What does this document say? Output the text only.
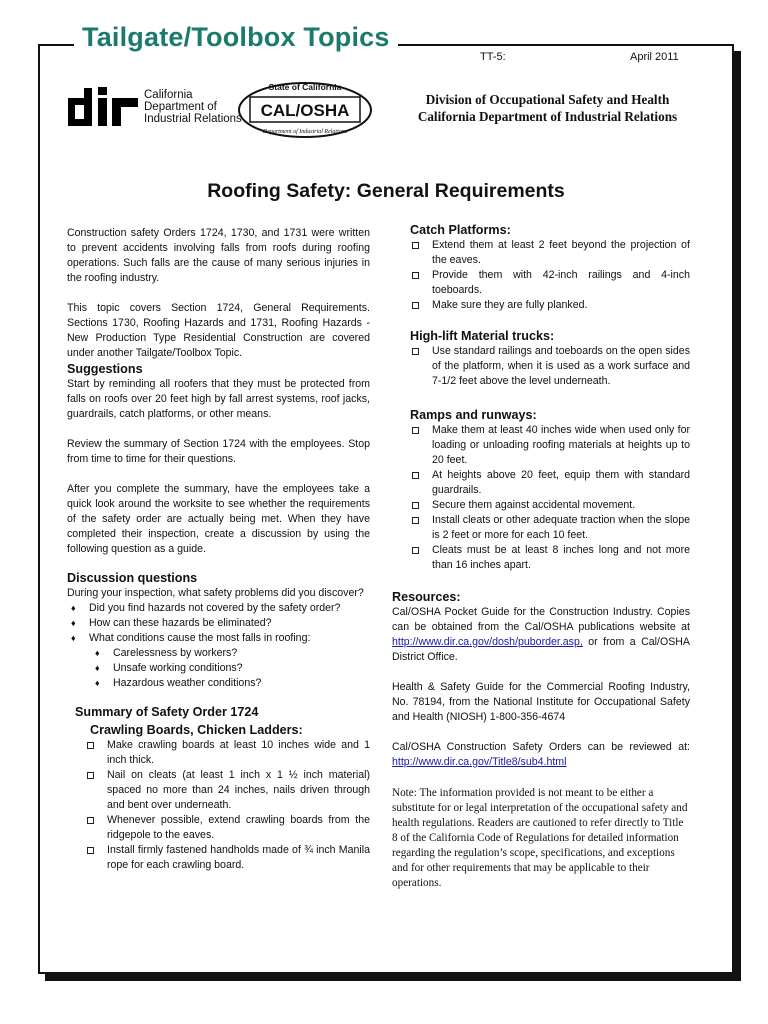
Tailgate/Toolbox Topics
TT-5:	April 2011
dir
California
Department of
Industrial Relations
State of California
CAL/OSHA
Department of Industrial Relations
Division of Occupational Safety and Health
California Department of Industrial Relations
Roofing Safety: General Requirements

Construction safety Orders 1724, 1730, and 1731 were written to prevent accidents involving falls from roofs during roofing operations. Such falls are the cause of many serious injuries in the roofing industry.

This topic covers Section 1724, General Requirements. Sections 1730, Roofing Hazards and 1731, Roofing Hazards - New Production Type Residential Construction are covered under another Tailgate/Toolbox Topic.

Suggestions

Start by reminding all roofers that they must be protected from falls on roofs over 20 feet high by fall arrest systems, roof jacks, guardrails, catch platforms, or other means.

Review the summary of Section 1724 with the employees. Stop from time to time for their questions.

After you complete the summary, have the employees take a quick look around the worksite to see whether the requirements of the safety order are actually being met. When they have completed their inspection, create a discussion by using the following question as a guide.

Discussion questions

During your inspection, what safety problems did you discover?

♦ Did you find hazards not covered by the safety order?
♦ How can these hazards be eliminated?
♦ What conditions cause the most falls in roofing:
♦ Carelessness by workers?
♦ Unsafe working conditions?
♦ Hazardous weather conditions?
Summary of Safety Order 1724
Crawling Boards, Chicken Ladders:
Make crawling boards at least 10 inches wide and 1 inch thick.
Nail on cleats (at least 1 inch x 1 ½ inch material) spaced no more than 24 inches, nails driven through and bent over underneath.
Whenever possible, extend crawling boards from the ridgepole to the eaves.
Install firmly fastened handholds made of ¾ inch Manila rope for each crawling board.
Catch Platforms:
Extend them at least 2 feet beyond the projection of the eaves.
Provide them with 42-inch railings and 4-inch toeboards.
Make sure they are fully planked.
High-lift Material trucks:
Use standard railings and toeboards on the open sides of the platform, when it is used as a work surface and 7-1/2 feet above the level underneath.
Ramps and runways:
Make them at least 40 inches wide when used only for loading or unloading roofing materials at heights up to 20 feet.
At heights above 20 feet, equip them with standard guardrails.
Secure them against accidental movement.
Install cleats or other adequate traction when the slope is 2 feet or more for each 10 feet.
Cleats must be at least 8 inches long and not more than 16 inches apart.
Resources:

Cal/OSHA Pocket Guide for the Construction Industry. Copies can be obtained from the Cal/OSHA publications website at http://www.dir.ca.gov/dosh/puborder.asp, or from a Cal/OSHA District Office.

Health & Safety Guide for the Commercial Roofing Industry, No. 78194, from the National Institute for Occupational Safety and Health (NIOSH) 1-800-356-4674

Cal/OSHA Construction Safety Orders can be reviewed at: http://www.dir.ca.gov/Title8/sub4.html

Note: The information provided is not meant to be either a substitute for or legal interpretation of the occupational safety and health regulations. Readers are cautioned to refer directly to Title 8 of the California Code of Regulations for detailed information regarding the regulation’s scope, specifications, and exceptions and for other requirements that may be applicable to their operations.
